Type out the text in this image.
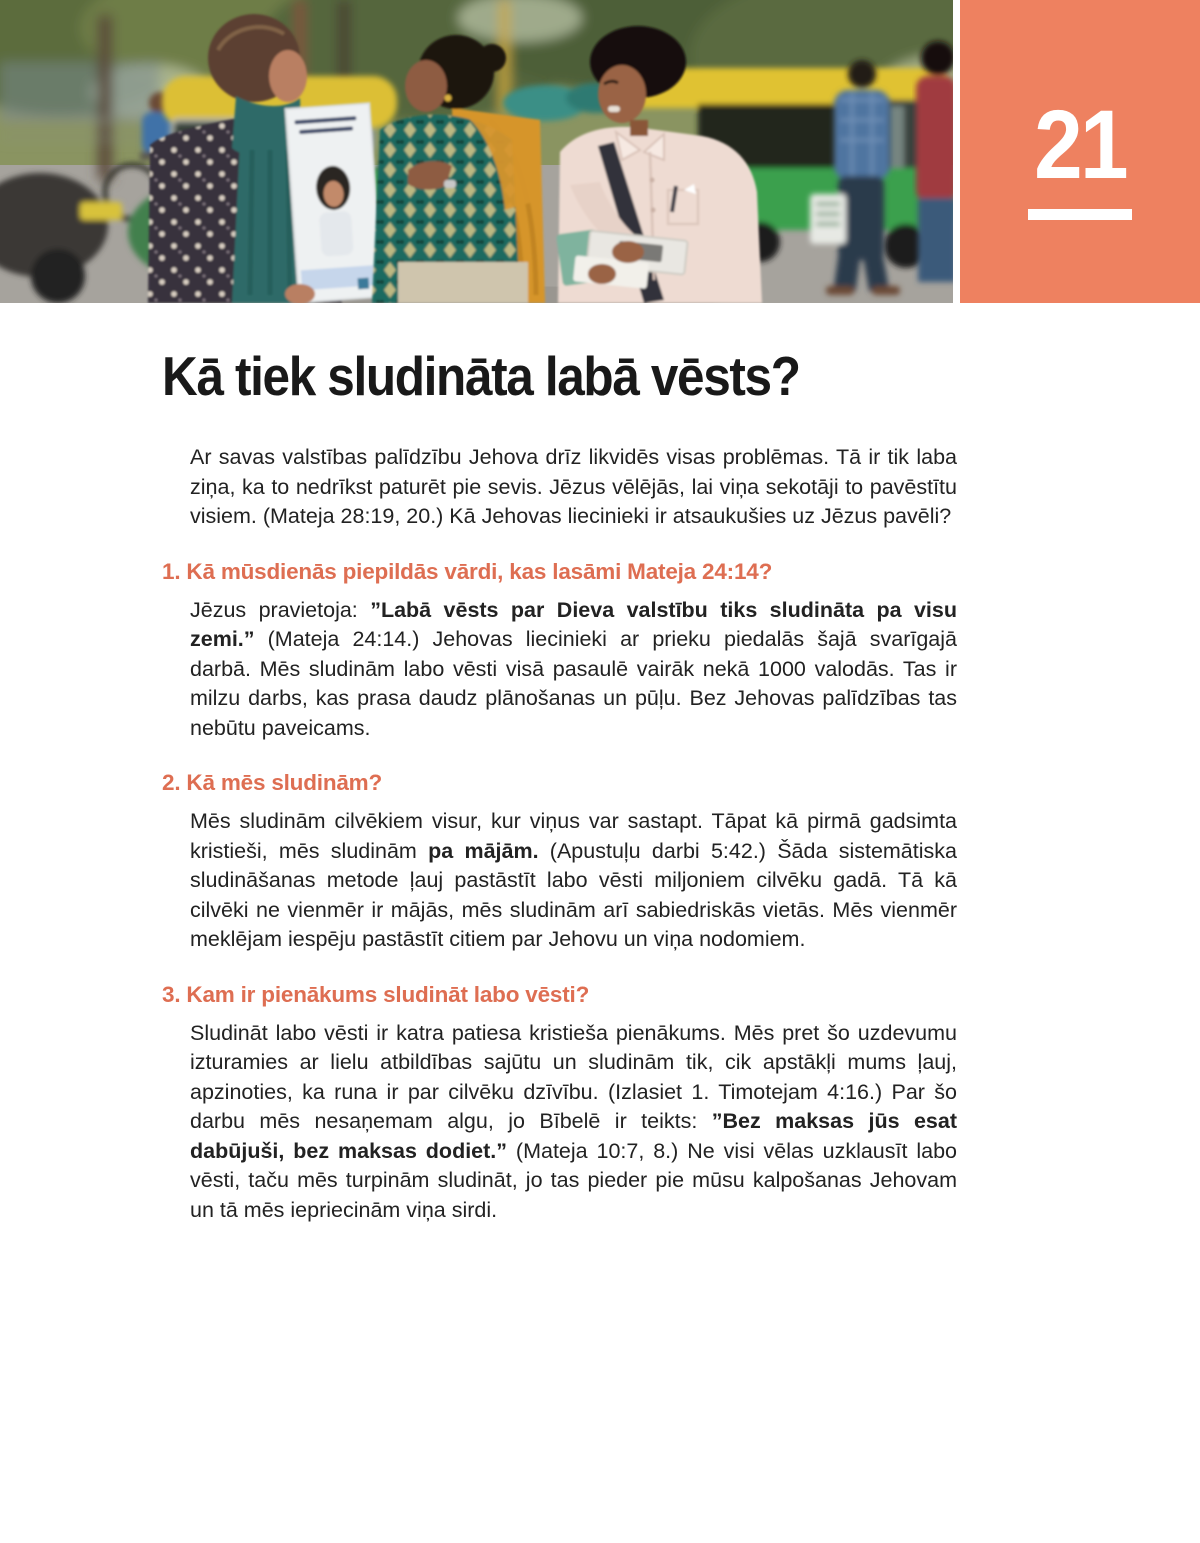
21
Kā tiek sludināta labā vēsts?

Ar savas valstības palīdzību Jehova drīz likvidēs visas problēmas. Tā ir tik laba ziņa, ka to nedrīkst paturēt pie sevis. Jēzus vēlējās, lai viņa sekotāji to pavēstītu visiem. (Mateja 28:19, 20.) Kā Jehovas liecinieki ir atsaukušies uz Jēzus pavēli?

1. Kā mūsdienās piepildās vārdi, kas lasāmi Mateja 24:14?

Jēzus pravietoja: ”Labā vēsts par Dieva valstību tiks sludināta pa visu zemi.” (Mateja 24:14.) Jehovas liecinieki ar prieku piedalās šajā svarīgajā darbā. Mēs sludinām labo vēsti visā pasaulē vairāk nekā 1000 valodās. Tas ir milzu darbs, kas prasa daudz plānošanas un pūļu. Bez Jehovas palīdzības tas nebūtu paveicams.

2. Kā mēs sludinām?

Mēs sludinām cilvēkiem visur, kur viņus var sastapt. Tāpat kā pirmā gadsimta kristieši, mēs sludinām pa mājām. (Apustuļu darbi 5:42.) Šāda sistemātiska sludināšanas metode ļauj pastāstīt labo vēsti miljoniem cilvēku gadā. Tā kā cilvēki ne vienmēr ir mājās, mēs sludinām arī sabiedriskās vietās. Mēs vienmēr meklējam iespēju pastāstīt citiem par Jehovu un viņa nodomiem.

3. Kam ir pienākums sludināt labo vēsti?

Sludināt labo vēsti ir katra patiesa kristieša pienākums. Mēs pret šo uzdevumu izturamies ar lielu atbildības sajūtu un sludinām tik, cik apstākļi mums ļauj, apzinoties, ka runa ir par cilvēku dzīvību. (Izlasiet 1. Timotejam 4:16.) Par šo darbu mēs nesaņemam algu, jo Bībelē ir teikts: ”Bez maksas jūs esat dabūjuši, bez maksas dodiet.” (Mateja 10:7, 8.) Ne visi vēlas uzklausīt labo vēsti, taču mēs turpinām sludināt, jo tas pieder pie mūsu kalpošanas Jehovam un tā mēs iepriecinām viņa sirdi.
